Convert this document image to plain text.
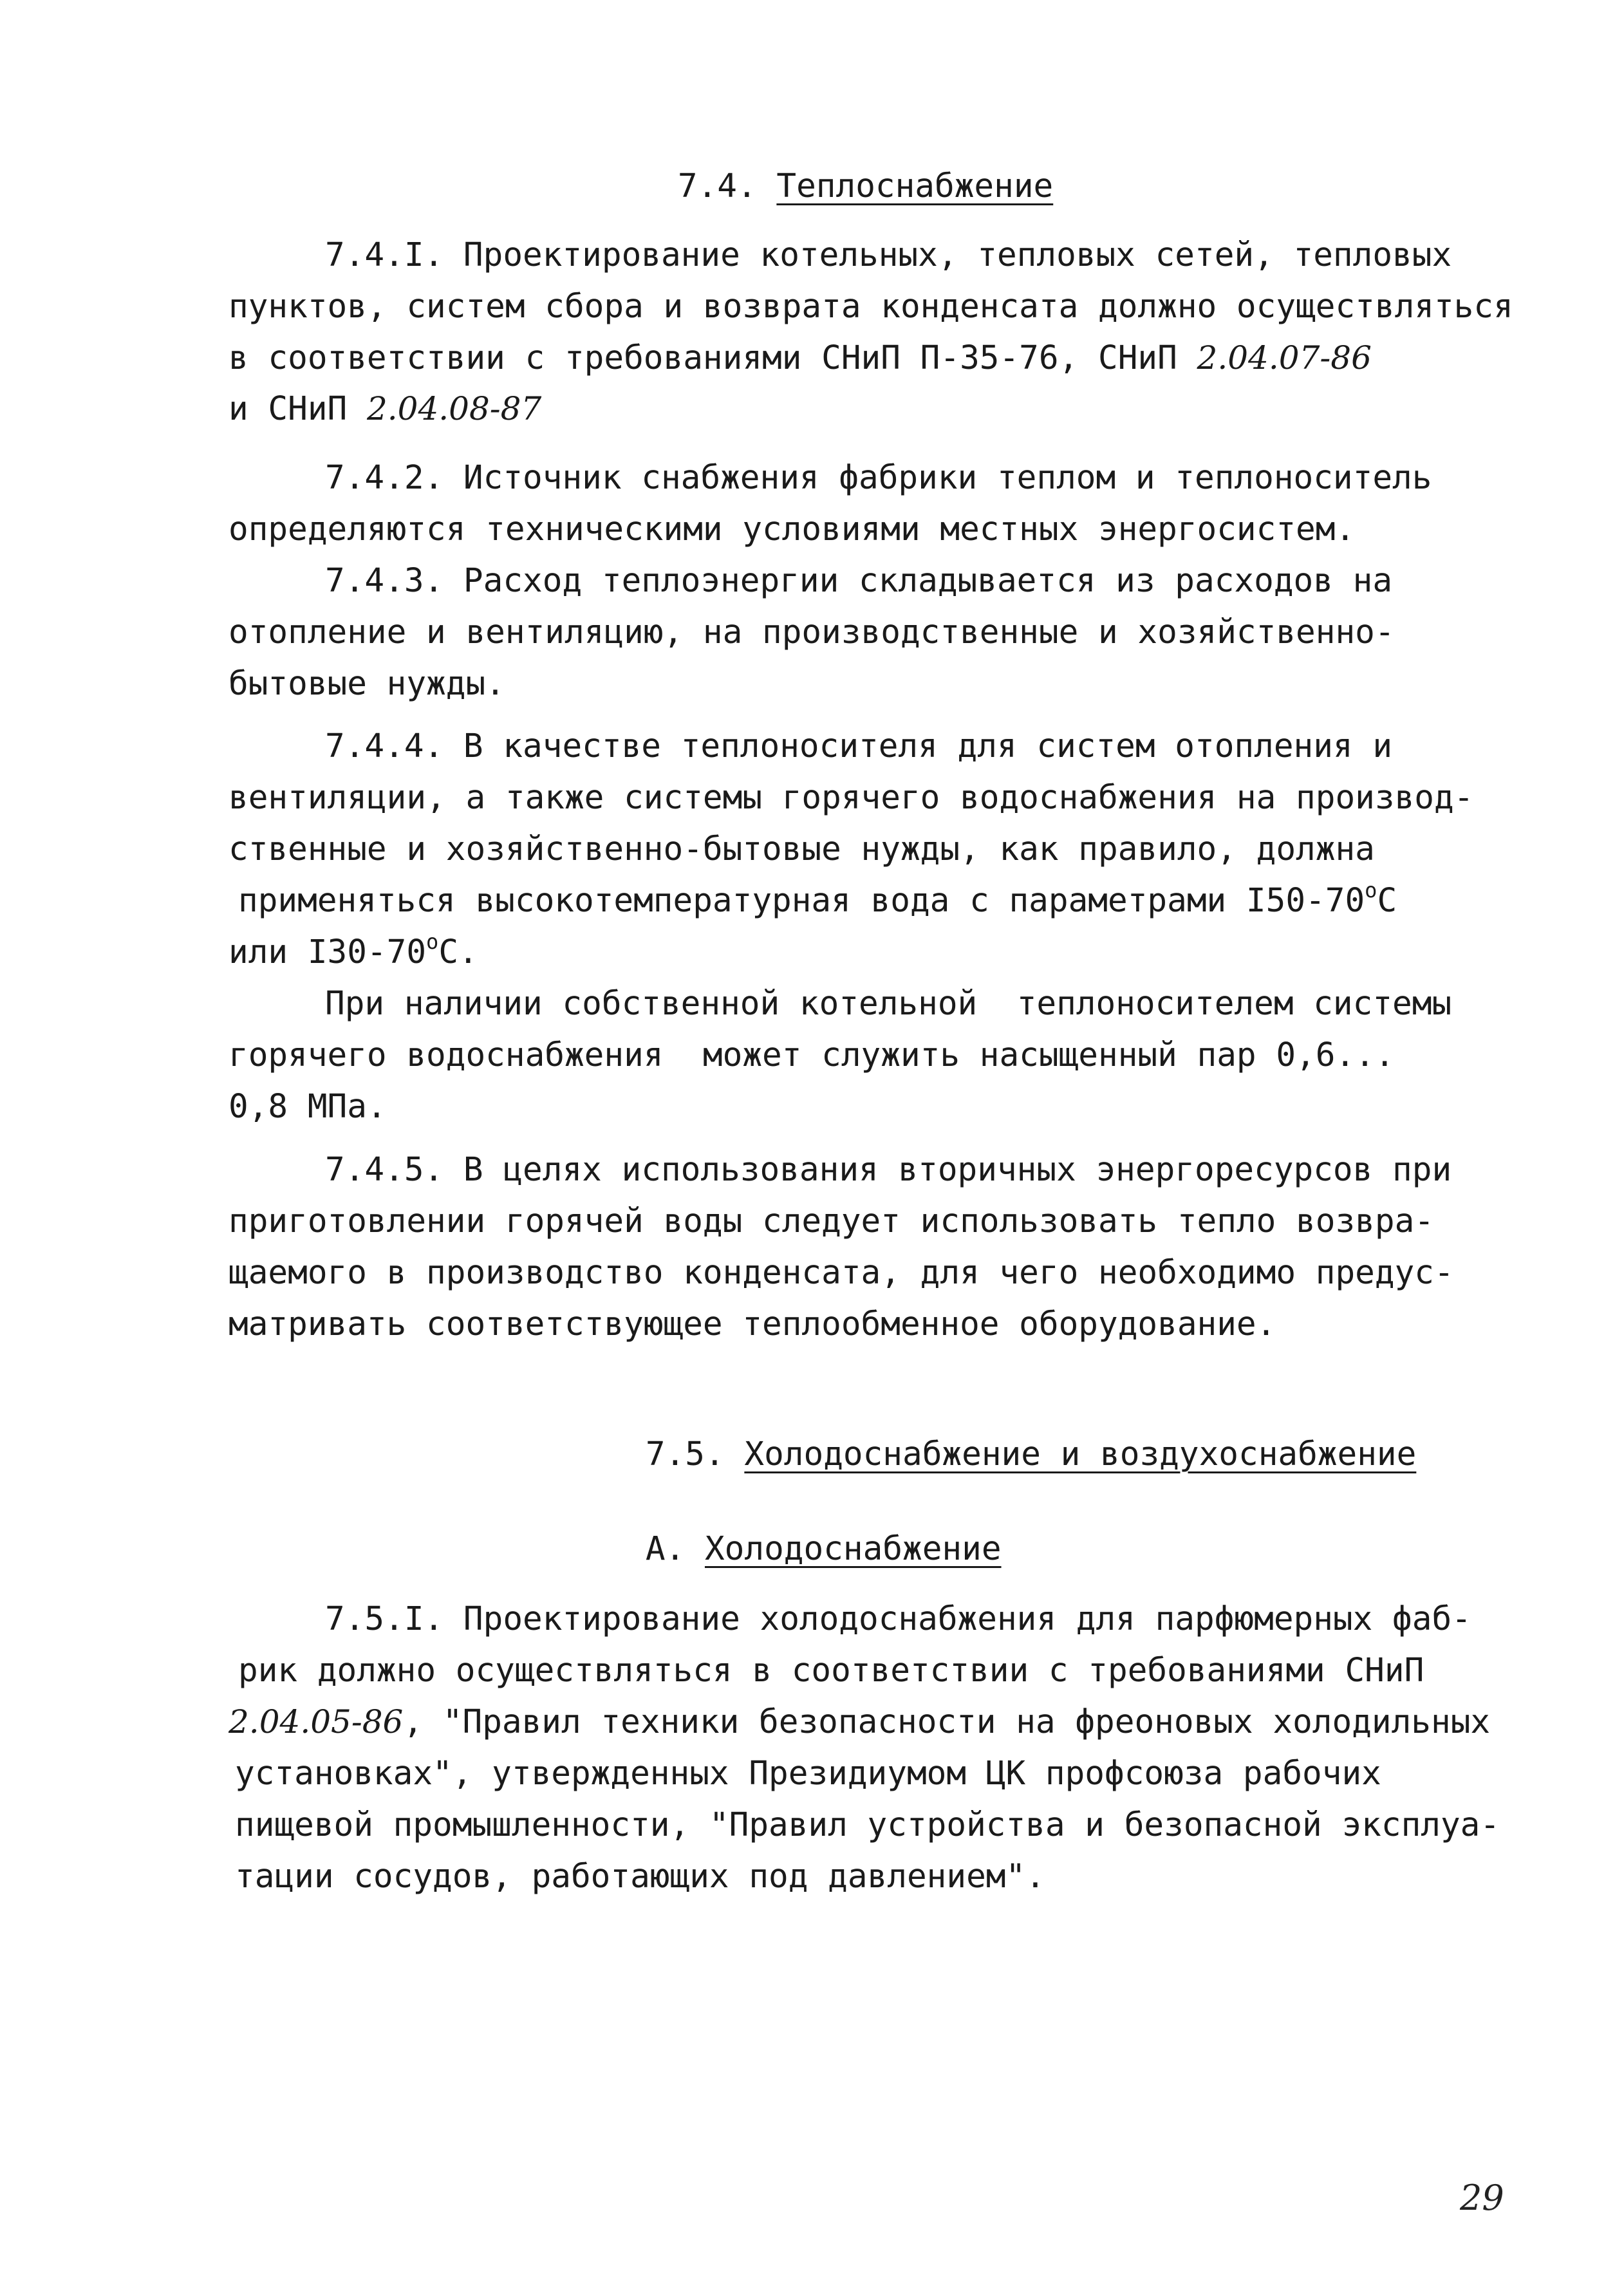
7.4. Теплоснабжение

7.4.I. Проектирование котельных, тепловых сетей, тепловых
пунктов, систем сбора и возврата конденсата должно осуществляться
в соответствии с требованиями СНиП П-35-76, СНиП 2.04.07-86
и СНиП 2.04.08-87
7.4.2. Источник снабжения фабрики теплом и теплоноситель
определяются техническими условиями местных энергосистем.
7.4.3. Расход теплоэнергии складывается из расходов на
отопление и вентиляцию, на производственные и хозяйственно-
бытовые нужды.
7.4.4. В качестве теплоносителя для систем отопления и
вентиляции, а также системы горячего водоснабжения на производ-
ственные и хозяйственно-бытовые нужды, как правило, должна
применяться высокотемпературная вода с параметрами $I50-70^оС$
или $I30-70^оС$.
При наличии собственной котельной  теплоносителем системы
горячего водоснабжения  может служить насыщенный пар 0,6...
0,8 МПа.
7.4.5. В целях использования вторичных энергоресурсов при
приготовлении горячей воды следует использовать тепло возвра-
щаемого в производство конденсата, для чего необходимо предус-
матривать соответствующее теплообменное оборудование.

7.5. Холодоснабжение и воздухоснабжение

А. Холодоснабжение

7.5.I. Проектирование холодоснабжения для парфюмерных фаб-
рик должно осуществляться в соответствии с требованиями СНиП
2.04.05-86, "Правил техники безопасности на фреоновых холодильных
установках", утвержденных Президиумом ЦК профсоюза рабочих
пищевой промышленности, "Правил устройства и безопасной эксплуа-
тации сосудов, работающих под давлением".
29
